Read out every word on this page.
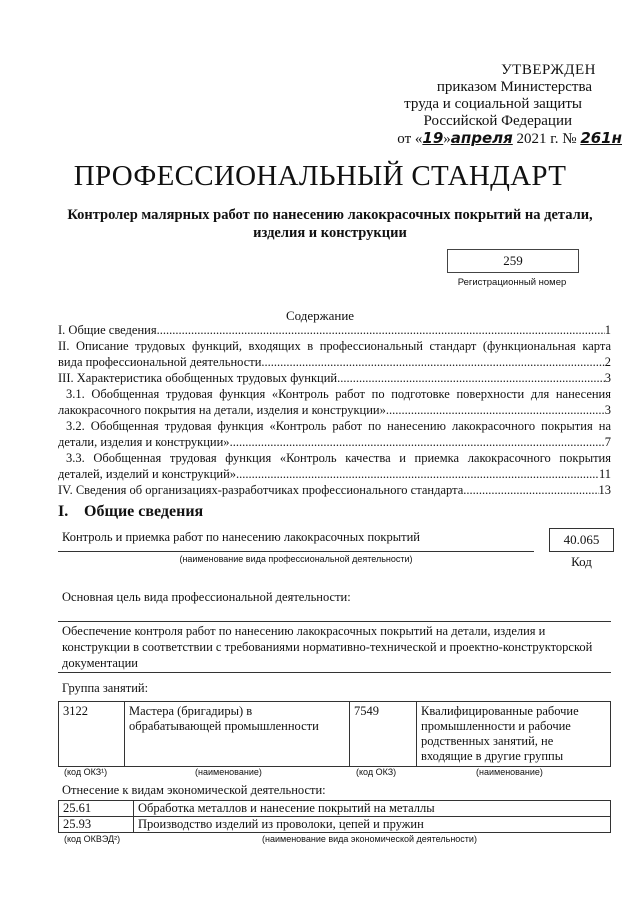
УТВЕРЖДЕН
приказом Министерства
труда и социальной защиты
Российской Федерации
от «19»апреля 2021 г. № 261н
ПРОФЕССИОНАЛЬНЫЙ СТАНДАРТ
Контролер малярных работ по нанесению лакокрасочных покрытий на детали, изделия и конструкции
259
Регистрационный номер
Содержание
I. Общие сведения .....	1
II. Описание трудовых функций, входящих в профессиональный стандарт (функциональная карта
вида профессиональной деятельности .....	2
III. Характеристика обобщенных трудовых функций .....	3
3.1. Обобщенная трудовая функция «Контроль работ по подготовке поверхности для нанесения
лакокрасочного покрытия на детали, изделия и конструкции» .....	3
3.2. Обобщенная трудовая функция «Контроль работ по нанесению лакокрасочного покрытия на
детали, изделия и конструкции» .....	7
3.3. Обобщенная трудовая функция «Контроль качества и приемка лакокрасочного покрытия
деталей, изделий и конструкций» .....	11
IV. Сведения об организациях-разработчиках профессионального стандарта .....	13
I. Общие сведения
Контроль и приемка работ по нанесению лакокрасочных покрытий
(наименование вида профессиональной деятельности)
40.065
Код
Основная цель вида профессиональной деятельности:
Обеспечение контроля работ по нанесению лакокрасочных покрытий на детали, изделия и конструкции в соответствии с требованиями нормативно-технической и проектно-конструкторской документации
Группа занятий:
3122	Мастера (бригадиры) в обрабатывающей промышленности	7549	Квалифицированные рабочие промышленности и рабочие родственных занятий, не входящие в другие группы
(код ОКЗ¹)	(наименование)	(код ОКЗ)	(наименование)
Отнесение к видам экономической деятельности:
25.61	Обработка металлов и нанесение покрытий на металлы
25.93	Производство изделий из проволоки, цепей и пружин
(код ОКВЭД²)	(наименование вида экономической деятельности)
